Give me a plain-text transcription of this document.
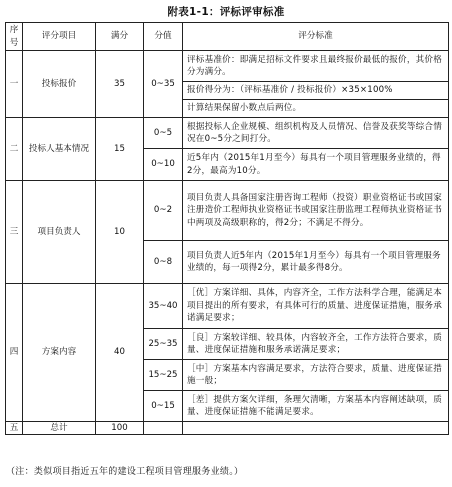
附表1-1：评标评审标准
序号	评分项目	满分	分值	评分标准
一	投标报价	35	0~35	评标基准价：即满足招标文件要求且最终报价最低的报价，其价格分为满分。
				报价得分为：（评标基准价 / 投标报价）×35×100%
				计算结果保留小数点后两位。
二	投标人基本情况	15	0~5	根据投标人企业规模、组织机构及人员情况、信誉及获奖等综合情况在0~5分之间打分。
			0~10	近5年内（2015年1月至今）每具有一个项目管理服务业绩的，得2分，最高为10分。
三	项目负责人	10	0~2	项目负责人具备国家注册咨询工程师（投资）职业资格证书或国家注册造价工程师执业资格证书或国家注册监理工程师执业资格证书中两项及高级职称的，得2分；不满足不得分。
			0~8	项目负责人近5年内（2015年1月至今）每具有一个项目管理服务业绩的，每一项得2分，累计最多得8分。
四	方案内容	40	35~40	［优］方案详细、具体，内容齐全，工作方法科学合理，能满足本项目提出的所有要求，有具体可行的质量、进度保证措施，服务承诺满足要求；
			25~35	［良］方案较详细、较具体，内容较齐全，工作方法符合要求，质量、进度保证措施和服务承诺满足要求；
			15~25	［中］方案基本内容满足要求，方法符合要求，质量、进度保证措施一般；
			0~15	［差］提供方案欠详细，条理欠清晰，方案基本内容阐述缺项，质量、进度保证措施不能满足要求。
五	总计	100		
（注：类似项目指近五年的建设工程项目管理服务业绩。）
